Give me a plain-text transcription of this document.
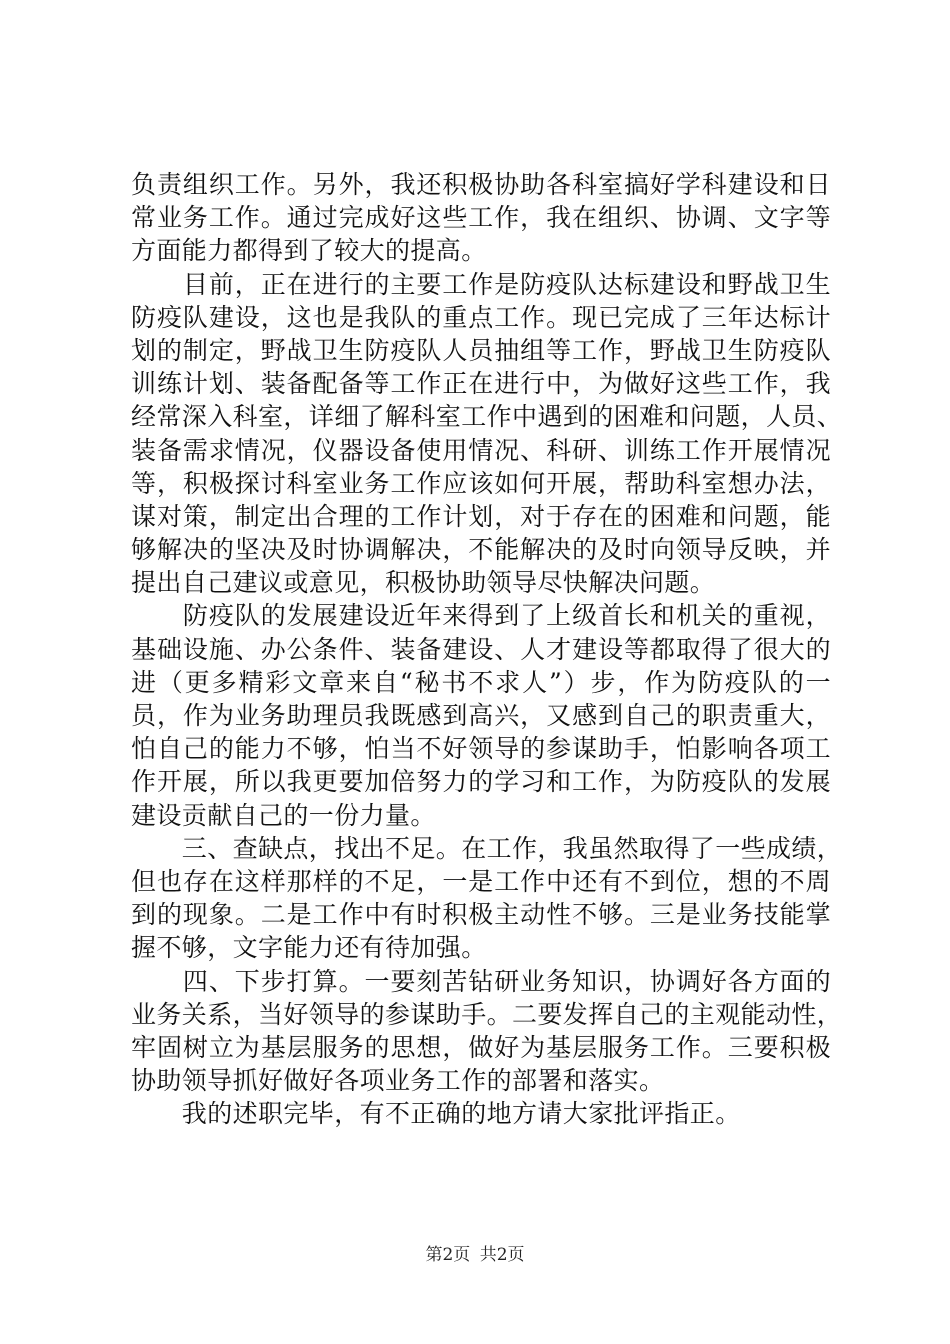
负责组织工作。另外，我还积极协助各科室搞好学科建设和日
常业务工作。通过完成好这些工作，我在组织、协调、文字等
方面能力都得到了较大的提高。
　　目前，正在进行的主要工作是防疫队达标建设和野战卫生
防疫队建设，这也是我队的重点工作。现已完成了三年达标计
划的制定，野战卫生防疫队人员抽组等工作，野战卫生防疫队
训练计划、装备配备等工作正在进行中，为做好这些工作，我
经常深入科室，详细了解科室工作中遇到的困难和问题，人员、
装备需求情况，仪器设备使用情况、科研、训练工作开展情况
等，积极探讨科室业务工作应该如何开展，帮助科室想办法，
谋对策，制定出合理的工作计划，对于存在的困难和问题，能
够解决的坚决及时协调解决，不能解决的及时向领导反映，并
提出自己建议或意见，积极协助领导尽快解决问题。
　　防疫队的发展建设近年来得到了上级首长和机关的重视，
基础设施、办公条件、装备建设、人才建设等都取得了很大的
进（更多精彩文章来自“秘书不求人”）步，作为防疫队的一
员，作为业务助理员我既感到高兴，又感到自己的职责重大，
怕自己的能力不够，怕当不好领导的参谋助手，怕影响各项工
作开展，所以我更要加倍努力的学习和工作，为防疫队的发展
建设贡献自己的一份力量。
　　三、查缺点，找出不足。在工作，我虽然取得了一些成绩，
但也存在这样那样的不足，一是工作中还有不到位，想的不周
到的现象。二是工作中有时积极主动性不够。三是业务技能掌
握不够，文字能力还有待加强。
　　四、下步打算。一要刻苦钻研业务知识，协调好各方面的
业务关系，当好领导的参谋助手。二要发挥自己的主观能动性，
牢固树立为基层服务的思想，做好为基层服务工作。三要积极
协助领导抓好做好各项业务工作的部署和落实。
　　我的述职完毕，有不正确的地方请大家批评指正。
第2页 共2页
